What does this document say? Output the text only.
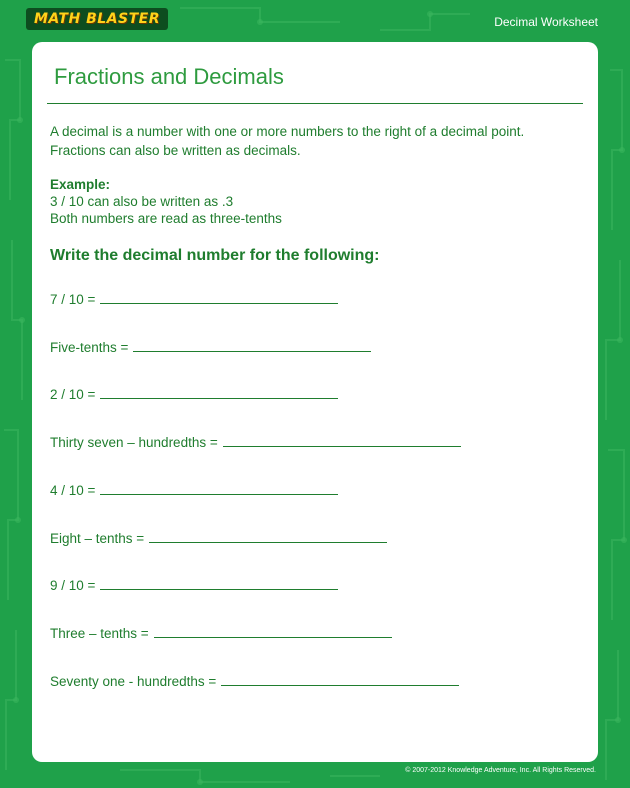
MATH BLASTER	Decimal Worksheet
Fractions and Decimals

A decimal is a number with one or more numbers to the right of a decimal point.

Fractions can also be written as decimals.

Example:
3 / 10 can also be written as .3
Both numbers are read as three-tenths
Write the decimal number for the following:
7 / 10 =
Five-tenths =
2 / 10 =
Thirty seven – hundredths =
4 / 10 =
Eight – tenths =
9 / 10 =
Three – tenths =
Seventy one - hundredths =
© 2007-2012 Knowledge Adventure, Inc. All Rights Reserved.
